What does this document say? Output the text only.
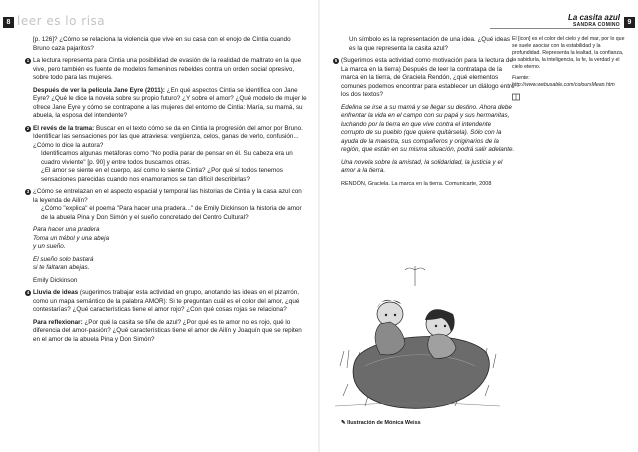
8 leer es lo risa

[p. 126]? ¿Cómo se relaciona la violencia que vive en su casa con el enojo de Cintia cuando Bruno caza pajaritos?

1 La lectura representa para Cintia una posibilidad de evasión de la realidad de maltrato en la que vive, pero también es fuente de modelos femeninos rebeldes contra un orden social opresivo, sobre todo para las mujeres.

Después de ver la película Jane Eyre (2011): ¿En qué aspectos Cintia se identifica con Jane Eyre? ¿Qué le dice la novela sobre su propio futuro? ¿Y sobre el amor? ¿Qué modelo de mujer le ofrece Jane Eyre y cómo se contrapone a las mujeres del entorno de Cintia: María, su mamá, su abuela, la esposa del intendente?

2 El revés de la trama: Buscar en el texto cómo se da en Cintia la progresión del amor por Bruno. Identificar las sensaciones por las que atraviesa: vergüenza, celos, ganas de verlo, confusión... ¿Cómo lo dice la autora?

Identificamos algunas metáforas como "No podía parar de pensar en él. Su cabeza era un cuadro viviente" [p. 90] y entre todos buscamos otras.

¿El amor se siente en el cuerpo, así como lo siente Cintia? ¿Por qué sí todos tenemos sensaciones parecidas cuando nos enamoramos se tan difícil describirlas?

3 ¿Cómo se entrelazan en el aspecto espacial y temporal las historias de Cintia y la casa azul con la leyenda de Ailín?

¿Cómo "explica" el poema "Para hacer una pradera..." de Emily Dickinson la historia de amor de la abuela Pina y Don Simón y el sueño concretado del Centro Cultural?

Para hacer una pradera
Toma un trébol y una abeja
y un sueño.
El sueño solo bastará
si te faltaran abejas.

Emily Dickinson

4 Lluvia de ideas (sugerimos trabajar esta actividad en grupo, anotando las ideas en el pizarrón, como un mapa semántico de la palabra AMOR): Si te preguntan cuál es el color del amor, ¿qué contestarías? ¿Qué características tiene el amor rojo? ¿Con qué cosas rojas se relaciona?

Para reflexionar: ¿Por qué la casita se tiñe de azul? ¿Por qué es te amor no es rojo, qué lo diferencia del amor-pasión? ¿Qué características tiene el amor de Ailín y Joaquín que se repiten en el amor de la abuela Pina y Don Simón?

La casita azul
SANDRA COMINO	9

Un símbolo es la representación de una idea. ¿Qué ideas es la que representa la casita azul?

5 (Sugerimos esta actividad como motivación para la lectura de La marca en la tierra) Después de leer la contratapa de la marca en la tierra, de Graciela Rendón, ¿qué elementos comunes podemos encontrar para establecer un diálogo entre los dos textos?

Edelina se irse a su mamá y se llegar su destino. Ahora debe enfrentar la vida en el campo con su papá y sus hermanitas, luchando por la tierra en que vive contra el intendente corrupto de su pueblo (que quiere quitársela). Sólo con la ayuda de la maestra, sus compañeros y originarios de la región, que están en su misma situación, podrá salir adelante.

Una novela sobre la amistad, la solidaridad, la justicia y el amor a la tierra.

RENDÓN, Graciela. La marca en la tierra. Comunicarte, 2008

El [icon] es el color del cielo y del mar, por lo que se suele asociar con la estabilidad y la profundidad. Representa la lealtad, la confianza, la sabiduría, la inteligencia, la fe, la verdad y el cielo eterno.

Fuente: http://www.webusable.com/coloursMean.htm

✎ Ilustración de Mónica Weiss
